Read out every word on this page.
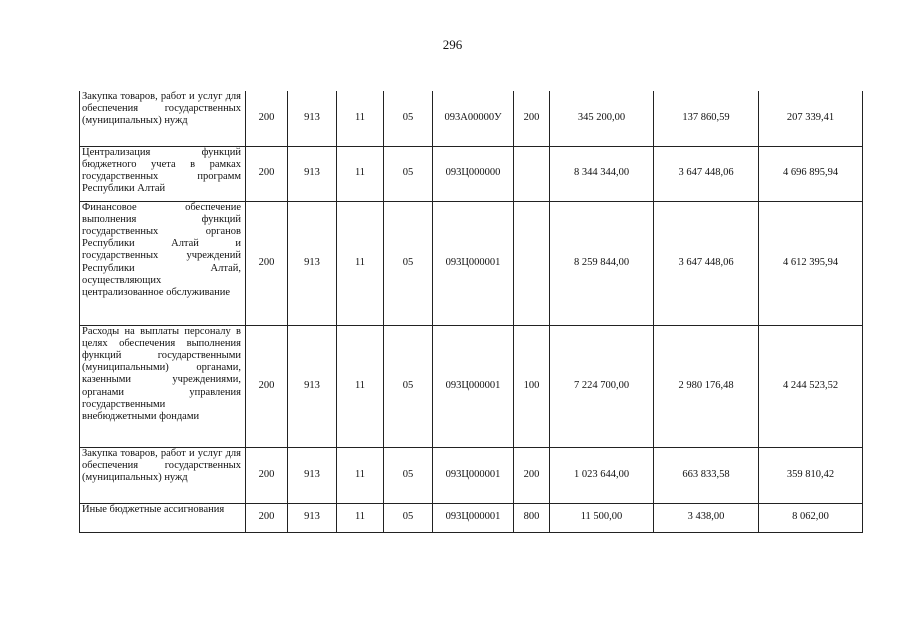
296
Закупка товаров, работ и услуг для обеспечения государственных (муниципальных) нужд	200	913	11	05	093А00000У	200	345 200,00	137 860,59	207 339,41
Централизация функций бюджетного учета в рамках государственных программ Республики Алтай	200	913	11	05	093Ц000000		8 344 344,00	3 647 448,06	4 696 895,94
Финансовое обеспечение выполнения функций государственных органов Республики Алтай и государственных учреждений Республики Алтай, осуществляющих централизованное обслуживание	200	913	11	05	093Ц000001		8 259 844,00	3 647 448,06	4 612 395,94
Расходы на выплаты персоналу в целях обеспечения выполнения функций государственными (муниципальными) органами, казенными учреждениями, органами управления государственными внебюджетными фондами	200	913	11	05	093Ц000001	100	7 224 700,00	2 980 176,48	4 244 523,52
Закупка товаров, работ и услуг для обеспечения государственных (муниципальных) нужд	200	913	11	05	093Ц000001	200	1 023 644,00	663 833,58	359 810,42
Иные бюджетные ассигнования	200	913	11	05	093Ц000001	800	11 500,00	3 438,00	8 062,00
